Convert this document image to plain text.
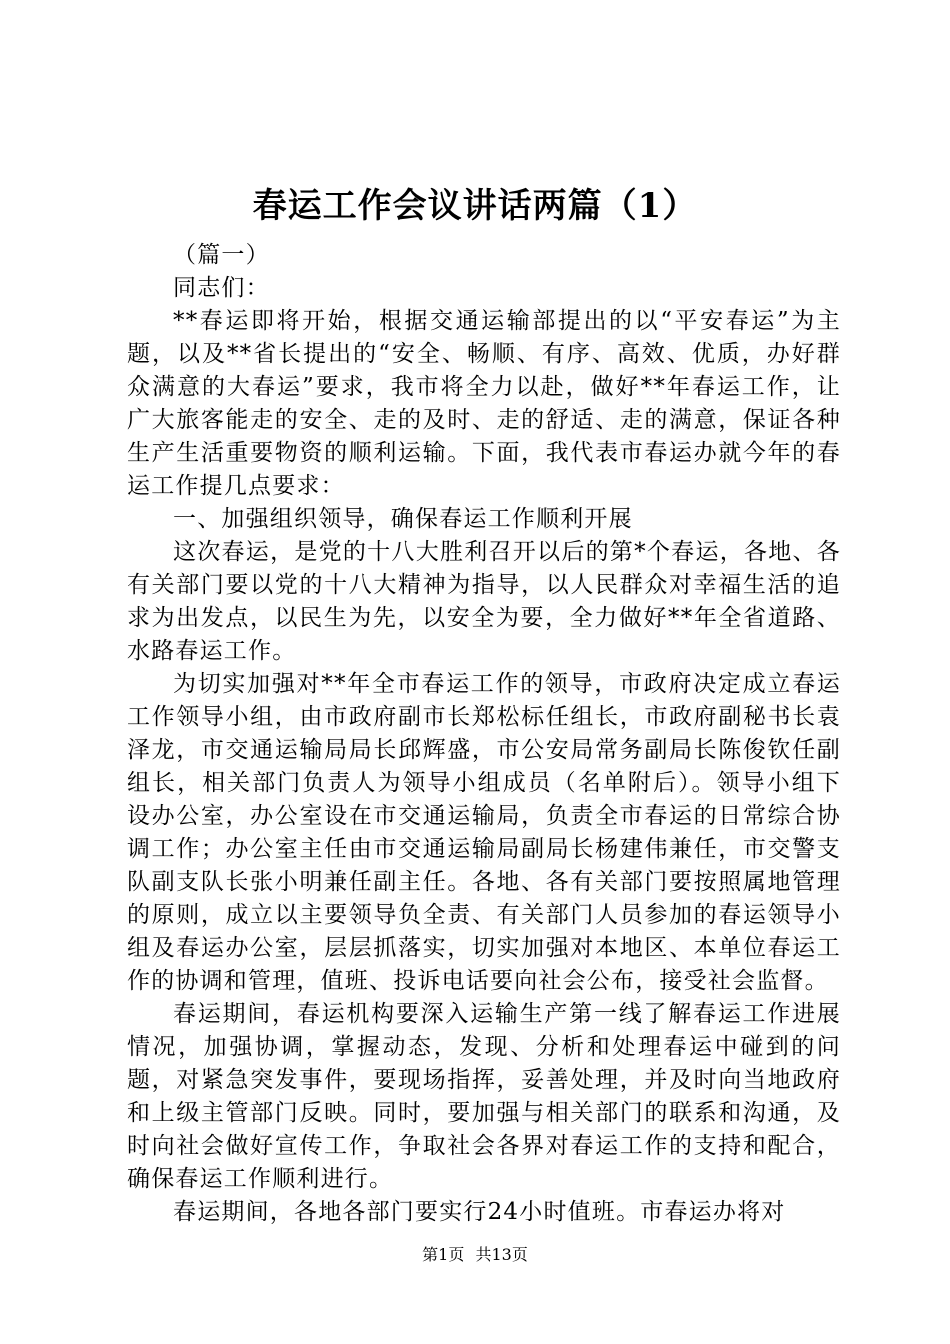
春运工作会议讲话两篇（1）

（篇一）

同志们：

**春运即将开始，根据交通运输部提出的以“平安春运”为主题，以及**省长提出的“安全、畅顺、有序、高效、优质，办好群众满意的大春运”要求，我市将全力以赴，做好**年春运工作，让广大旅客能走的安全、走的及时、走的舒适、走的满意，保证各种生产生活重要物资的顺利运输。下面，我代表市春运办就今年的春运工作提几点要求：

一、加强组织领导，确保春运工作顺利开展

这次春运，是党的十八大胜利召开以后的第*个春运，各地、各有关部门要以党的十八大精神为指导，以人民群众对幸福生活的追求为出发点，以民生为先，以安全为要，全力做好**年全省道路、水路春运工作。

为切实加强对**年全市春运工作的领导，市政府决定成立春运工作领导小组，由市政府副市长郑松标任组长，市政府副秘书长袁泽龙，市交通运输局局长邱辉盛，市公安局常务副局长陈俊钦任副组长，相关部门负责人为领导小组成员（名单附后）。领导小组下设办公室，办公室设在市交通运输局，负责全市春运的日常综合协调工作；办公室主任由市交通运输局副局长杨建伟兼任，市交警支队副支队长张小明兼任副主任。各地、各有关部门要按照属地管理的原则，成立以主要领导负全责、有关部门人员参加的春运领导小组及春运办公室，层层抓落实，切实加强对本地区、本单位春运工作的协调和管理，值班、投诉电话要向社会公布，接受社会监督。

春运期间，春运机构要深入运输生产第一线了解春运工作进展情况，加强协调，掌握动态，发现、分析和处理春运中碰到的问题，对紧急突发事件，要现场指挥，妥善处理，并及时向当地政府和上级主管部门反映。同时，要加强与相关部门的联系和沟通，及时向社会做好宣传工作，争取社会各界对春运工作的支持和配合，确保春运工作顺利进行。

春运期间，各地各部门要实行24小时值班。市春运办将对

第1页 共13页
